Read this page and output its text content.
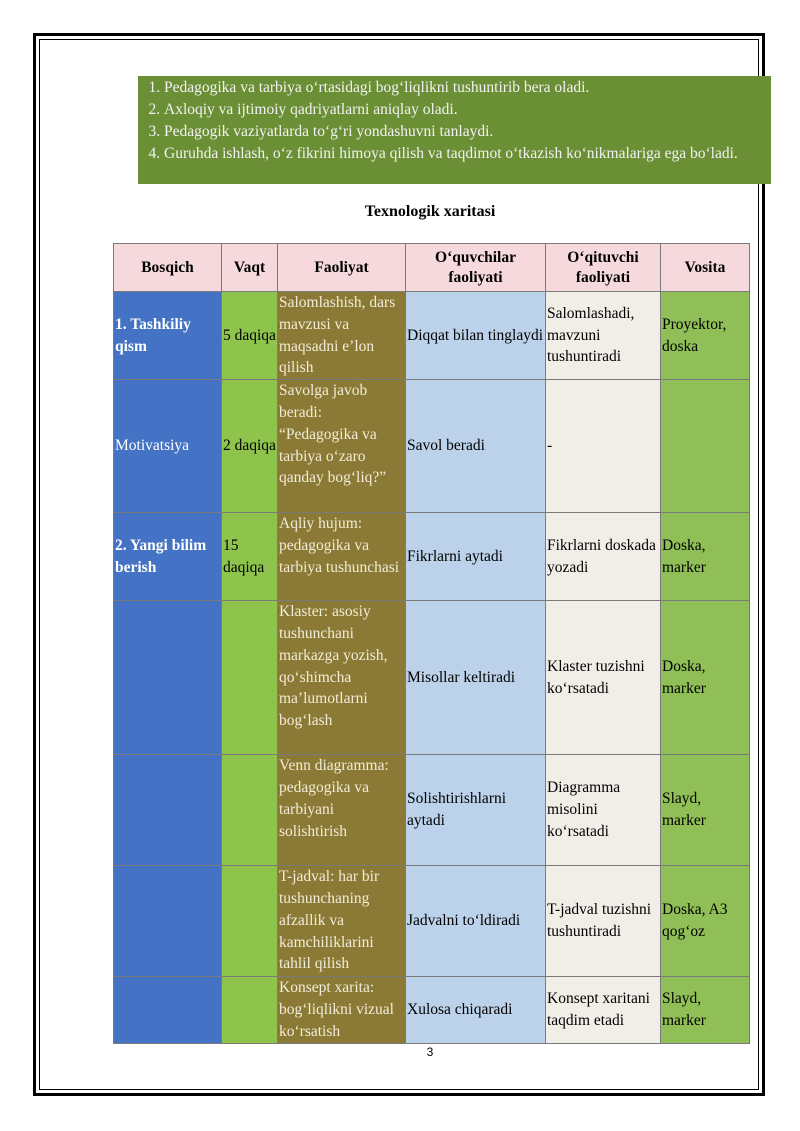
1. Pedagogika va tarbiya o‘rtasidagi bog‘liqlikni tushuntirib bera oladi.
2. Axloqiy va ijtimoiy qadriyatlarni aniqlay oladi.
3. Pedagogik vaziyatlarda to‘g‘ri yondashuvni tanlaydi.
4. Guruhda ishlash, o‘z fikrini himoya qilish va taqdimot o‘tkazish ko‘nikmalariga ega bo‘ladi.
Texnologik xaritasi
Bosqich	Vaqt	Faoliyat	O‘quvchilar faoliyati	O‘qituvchi faoliyati	Vosita
1. Tashkiliy qism	5 daqiqa	Salomlashish, dars mavzusi va maqsadni e’lon qilish	Diqqat bilan tinglaydi	Salomlashadi, mavzuni tushuntiradi	Proyektor, doska
Motivatsiya	2 daqiqa	Savolga javob beradi: “Pedagogika va tarbiya o‘zaro qanday bog‘liq?”	Savol beradi	-	
2. Yangi bilim berish	15 daqiqa	Aqliy hujum: pedagogika va tarbiya tushunchasi	Fikrlarni aytadi	Fikrlarni doskada yozadi	Doska, marker
		Klaster: asosiy tushunchani markazga yozish, qo‘shimcha ma’lumotlarni bog‘lash	Misollar keltiradi	Klaster tuzishni ko‘rsatadi	Doska, marker
		Venn diagramma: pedagogika va tarbiyani solishtirish	Solishtirishlarni aytadi	Diagramma misolini ko‘rsatadi	Slayd, marker
		T-jadval: har bir tushunchaning afzallik va kamchiliklarini tahlil qilish	Jadvalni to‘ldiradi	T-jadval tuzishni tushuntiradi	Doska, A3 qog‘oz
		Konsept xarita: bog‘liqlikni vizual ko‘rsatish	Xulosa chiqaradi	Konsept xaritani taqdim etadi	Slayd, marker
3
